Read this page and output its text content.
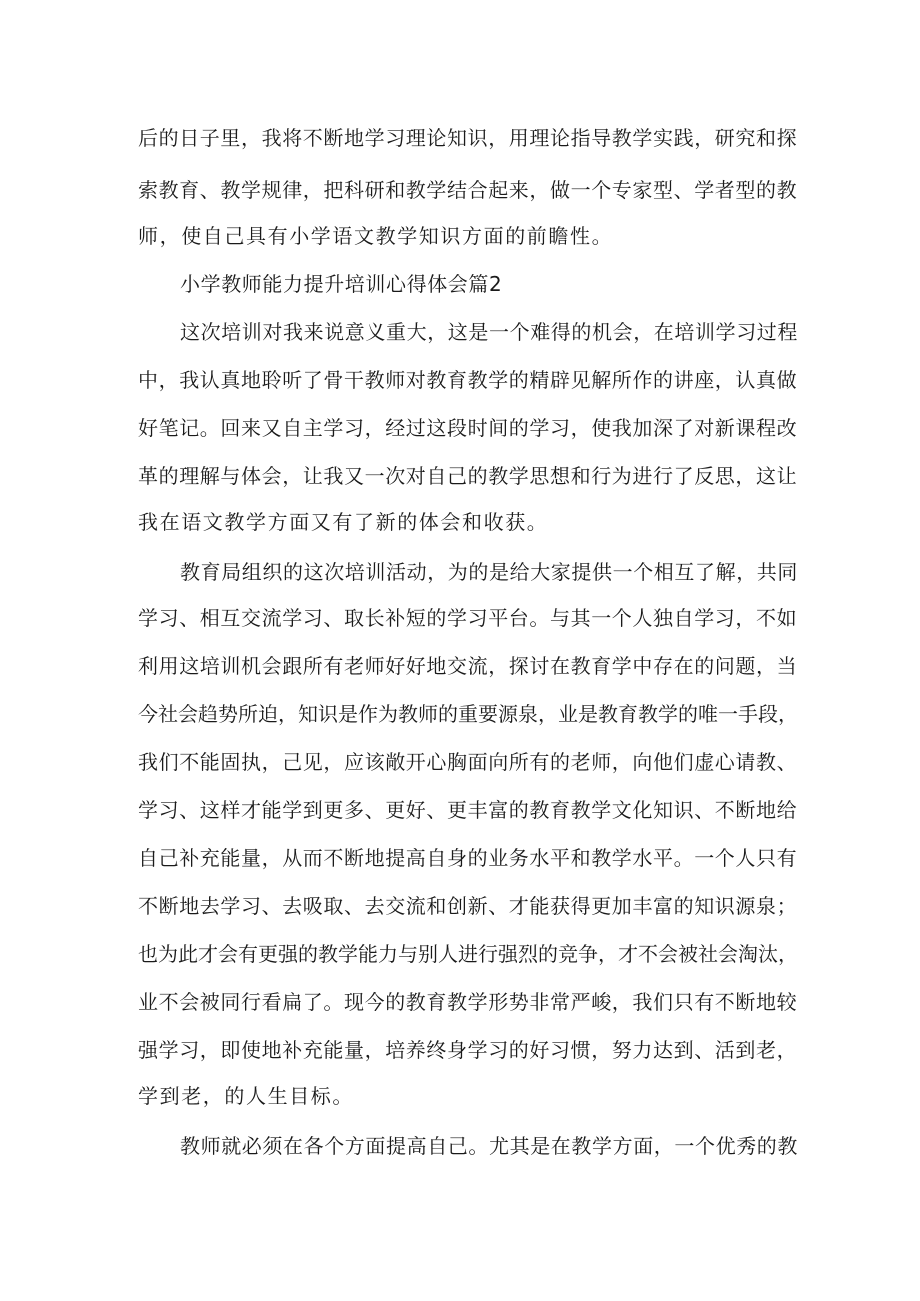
后的日子里，我将不断地学习理论知识，用理论指导教学实践，研究和探
索教育、教学规律，把科研和教学结合起来，做一个专家型、学者型的教
师，使自己具有小学语文教学知识方面的前瞻性。
小学教师能力提升培训心得体会篇2
这次培训对我来说意义重大，这是一个难得的机会，在培训学习过程
中，我认真地聆听了骨干教师对教育教学的精辟见解所作的讲座，认真做
好笔记。回来又自主学习，经过这段时间的学习，使我加深了对新课程改
革的理解与体会，让我又一次对自己的教学思想和行为进行了反思，这让
我在语文教学方面又有了新的体会和收获。
教育局组织的这次培训活动，为的是给大家提供一个相互了解，共同
学习、相互交流学习、取长补短的学习平台。与其一个人独自学习，不如
利用这培训机会跟所有老师好好地交流，探讨在教育学中存在的问题，当
今社会趋势所迫，知识是作为教师的重要源泉，业是教育教学的唯一手段，
我们不能固执，己见，应该敞开心胸面向所有的老师，向他们虚心请教、
学习、这样才能学到更多、更好、更丰富的教育教学文化知识、不断地给
自己补充能量，从而不断地提高自身的业务水平和教学水平。一个人只有
不断地去学习、去吸取、去交流和创新、才能获得更加丰富的知识源泉；
也为此才会有更强的教学能力与别人进行强烈的竞争，才不会被社会淘汰，
业不会被同行看扁了。现今的教育教学形势非常严峻，我们只有不断地较
强学习，即使地补充能量，培养终身学习的好习惯，努力达到、活到老，
学到老，的人生目标。
教师就必须在各个方面提高自己。尤其是在教学方面，一个优秀的教
